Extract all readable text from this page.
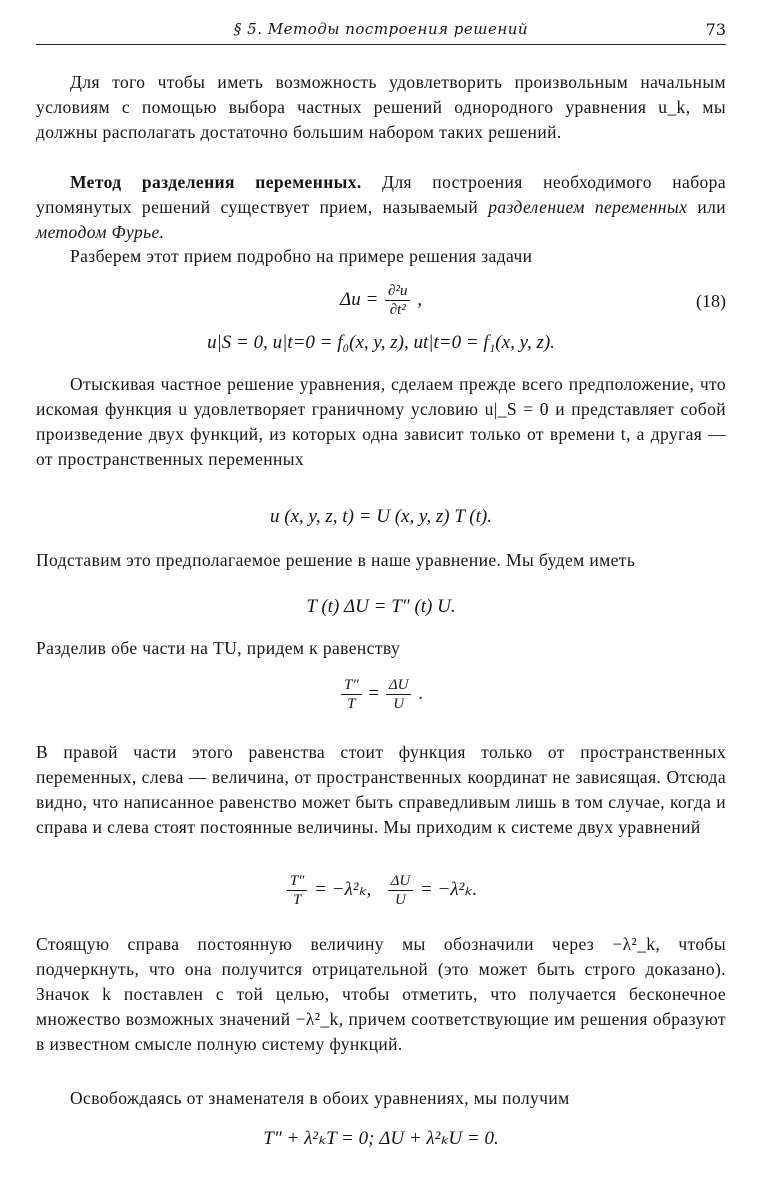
§ 5. Методы построения решений	73

Для того чтобы иметь возможность удовлетворить произвольным начальным условиям с помощью выбора частных решений однородного уравнения u_k, мы должны располагать достаточно большим набором таких решений.

Метод разделения переменных. Для построения необходимого набора упомянутых решений существует прием, называемый разделением переменных или методом Фурье.

Разберем этот прием подробно на примере решения задачи

$\Delta u = \frac{\text{∂²u}}{\text{∂t²}}$ ,	(18)
u|S = 0, u|t=0 = f₀(x, y, z), ut|t=0 = f₁(x, y, z).

Отыскивая частное решение уравнения, сделаем прежде всего предположение, что искомая функция u удовлетворяет граничному условию u|_S = 0 и представляет собой произведение двух функций, из которых одна зависит только от времени t, а другая — от пространственных переменных

u (x, y, z, t) = U (x, y, z) T (t).

Подставим это предполагаемое решение в наше уравнение. Мы будем иметь

T (t) ΔU = T″ (t) U.

Разделив обе части на TU, придем к равенству

$\frac{T''}{T} = \frac{\Delta U}{U}$ .

В правой части этого равенства стоит функция только от пространственных переменных, слева — величина, от пространственных координат не зависящая. Отсюда видно, что написанное равенство может быть справедливым лишь в том случае, когда и справа и слева стоят постоянные величины. Мы приходим к системе двух уравнений

$\frac{T''}{T} = -\lambda^2_k$, $\frac{\Delta U}{U} = -\lambda^2_k$.

Стоящую справа постоянную величину мы обозначили через −λ²_k, чтобы подчеркнуть, что она получится отрицательной (это может быть строго доказано). Значок k поставлен с той целью, чтобы отметить, что получается бесконечное множество возможных значений −λ²_k, причем соответствующие им решения образуют в известном смысле полную систему функций.

Освобождаясь от знаменателя в обоих уравнениях, мы получим

T″ + λ²ₖT = 0; ΔU + λ²ₖU = 0.
